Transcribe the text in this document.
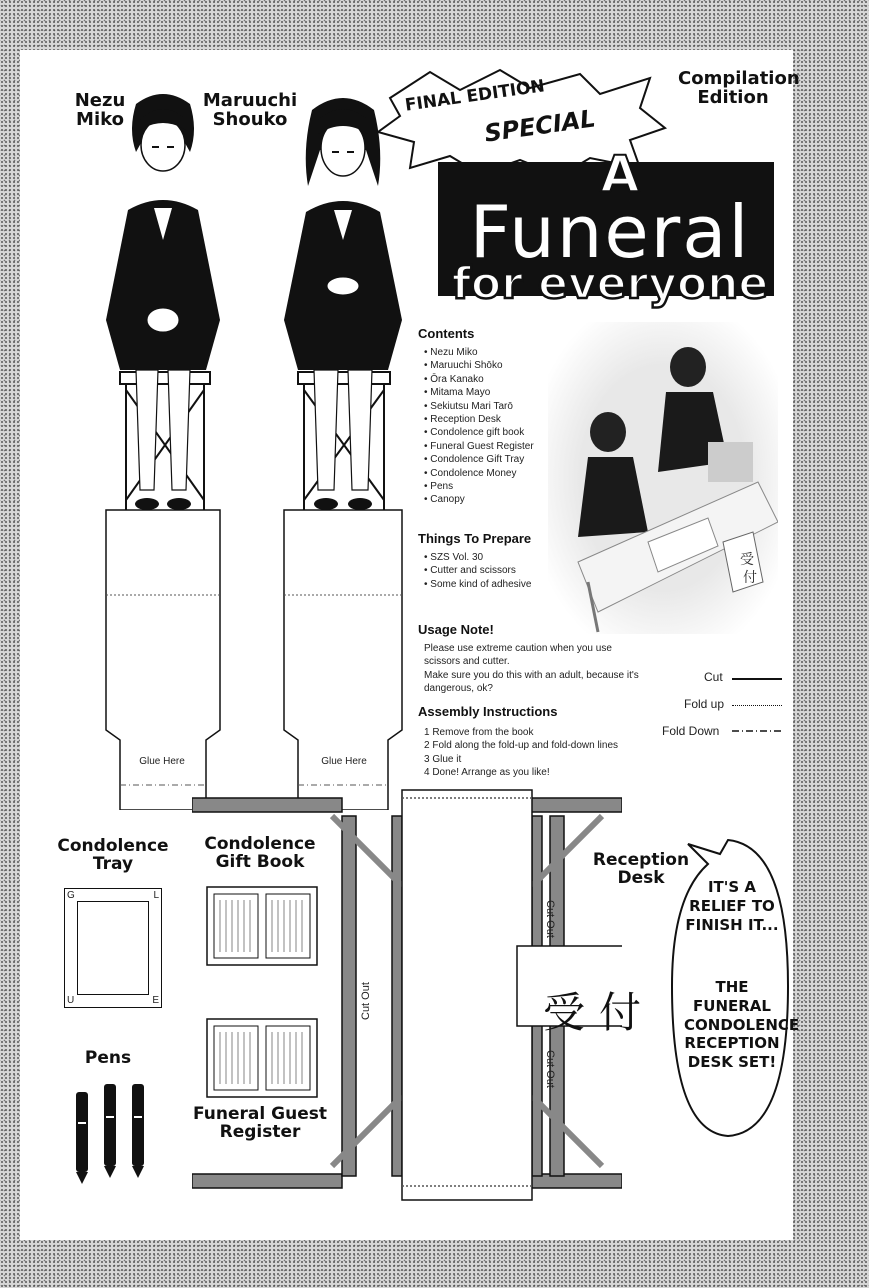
Nezu Miko
Maruuchi Shouko
Glue Here	Glue Here
FINAL EDITION
SPECIAL
Compilation Edition
A
Funeral
for everyone
Contents
• Nezu Miko
• Maruuchi Shōko
• Ōra Kanako
• Mitama Mayo
• Sekiutsu Mari Tarō
• Reception Desk
• Condolence gift book
• Funeral Guest Register
• Condolence Gift Tray
• Condolence Money
• Pens
• Canopy
受
付
Things To Prepare
• SZS Vol. 30
• Cutter and scissors
• Some kind of adhesive
Usage Note!
Please use extreme caution when you use
scissors and cutter.
Make sure you do this with an adult, because it's
dangerous, ok?
Cut
Fold up
Fold Down
Assembly Instructions
1 Remove from the book
2 Fold along the fold-up and fold-down lines
3 Glue it
4 Done! Arrange as you like!
受付
Cut Out
Cut Out
Cut Out
Condolence Tray
G	L
U	E
Condolence Gift Book
Funeral Guest Register
Pens
Reception Desk	IT'S A RELIEF TO FINISH IT...
THE FUNERAL CONDOLENCE RECEPTION DESK SET!
